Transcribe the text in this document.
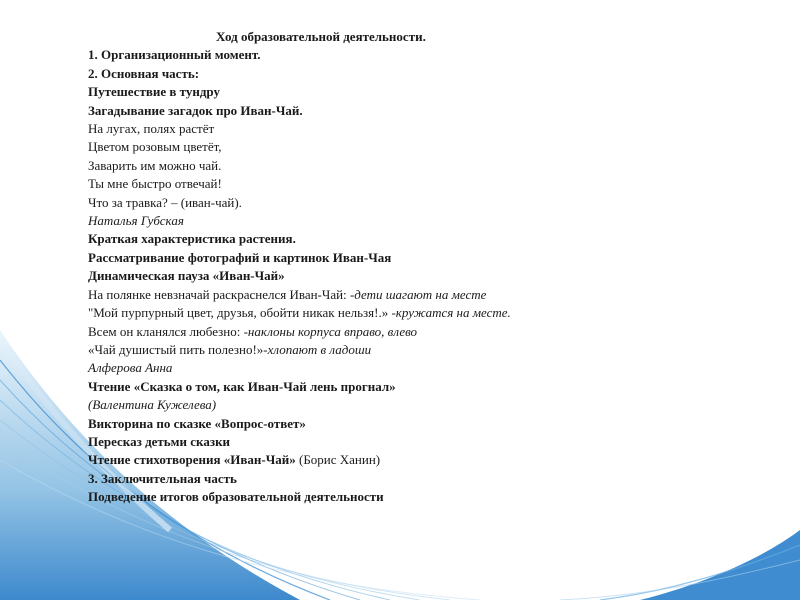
Ход образовательной деятельности.
1. Организационный момент.
2. Основная часть:
Путешествие в тундру
Загадывание загадок про Иван-Чай.
На лугах, полях растёт
Цветом розовым цветёт,
Заварить им можно чай.
Ты мне быстро отвечай!
Что за травка? – (иван-чай).
Наталья Губская
Краткая характеристика растения.
Рассматривание фотографий и картинок Иван-Чая
Динамическая пауза «Иван-Чай»
На полянке невзначай раскраснелся Иван-Чай: -дети шагают на месте
"Мой пурпурный цвет, друзья, обойти никак нельзя!.» -кружатся на месте.
Всем он кланялся любезно: -наклоны корпуса вправо, влево
«Чай душистый пить полезно!»-хлопают в ладоши
Алферова Анна
Чтение «Сказка о том, как Иван-Чай лень прогнал»
(Валентина Кужелева)
Викторина по сказке «Вопрос-ответ»
Пересказ детьми сказки
Чтение стихотворения «Иван-Чай» (Борис Ханин)
3. Заключительная часть
Подведение итогов образовательной деятельности
